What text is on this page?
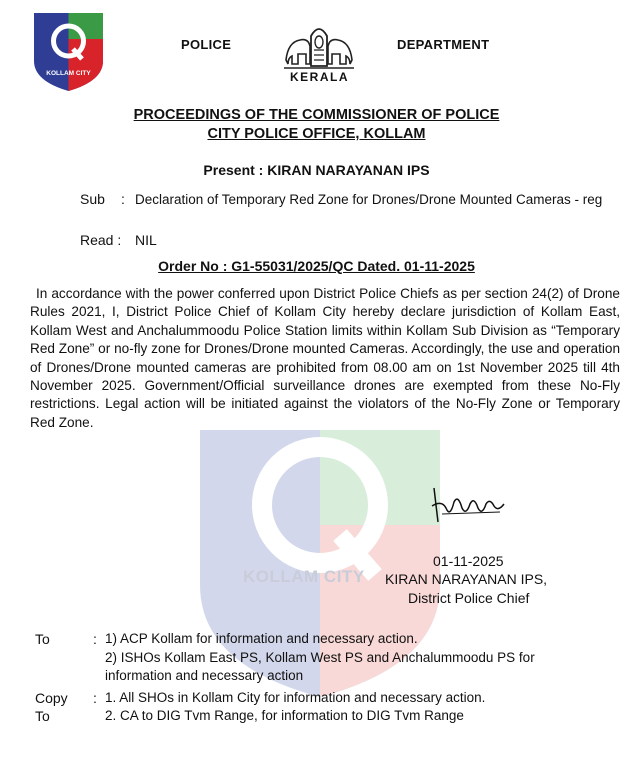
KOLLAM CITY
KOLLAM CITY
POLICE
KERALA
DEPARTMENT
PROCEEDINGS OF THE COMMISSIONER OF POLICE
CITY POLICE OFFICE, KOLLAM
Present : KIRAN NARAYANAN IPS
Sub : Declaration of Temporary Red Zone for Drones/Drone Mounted Cameras - reg
Read : NIL
Order No : G1-55031/2025/QC Dated. 01-11-2025
In accordance with the power conferred upon District Police Chiefs as per section 24(2) of Drone Rules 2021, I, District Police Chief of Kollam City hereby declare jurisdiction of Kollam East, Kollam West and Anchalummoodu Police Station limits within Kollam Sub Division as “Temporary Red Zone” or no-fly zone for Drones/Drone mounted Cameras. Accordingly, the use and operation of Drones/Drone mounted cameras are prohibited from 08.00 am on 1st November 2025 till 4th November 2025. Government/Official surveillance drones are exempted from these No-Fly restrictions. Legal action will be initiated against the violators of the No-Fly Zone or Temporary Red Zone.
01-11-2025
KIRAN NARAYANAN IPS,
District Police Chief
To	: 1) ACP Kollam for information and necessary action.
2) ISHOs Kollam East PS, Kollam West PS and Anchalummoodu PS for information and necessary action
Copy
To
: 1. All SHOs in Kollam City for information and necessary action.
2. CA to DIG Tvm Range, for information to DIG Tvm Range
